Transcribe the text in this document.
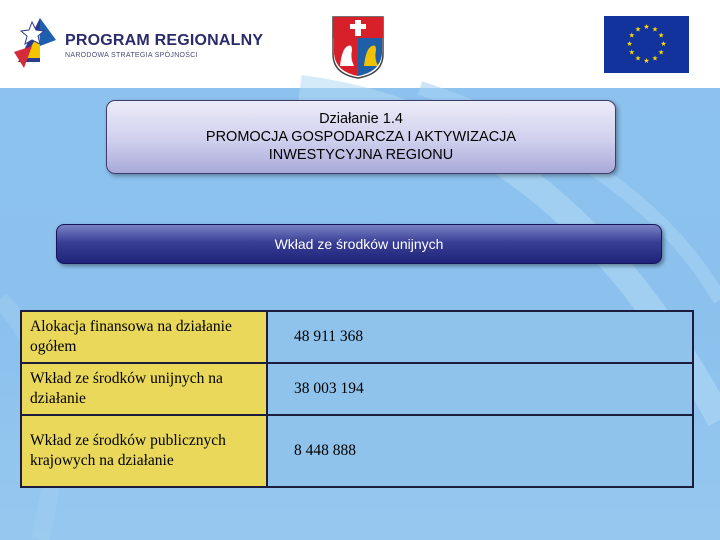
PROGRAM REGIONALNY
NARODOWA STRATEGIA SPÓJNOŚCI
★ ★
★
★
★
★
★
★
★
★
★
★
Działanie 1.4
PROMOCJA GOSPODARCZA I AKTYWIZACJA
INWESTYCYJNA REGIONU
Wkład ze środków unijnych
Alokacja finansowa na działanie ogółem	48 911 368
Wkład ze środków unijnych na działanie	38 003 194
Wkład ze środków publicznych krajowych na działanie	8 448 888
